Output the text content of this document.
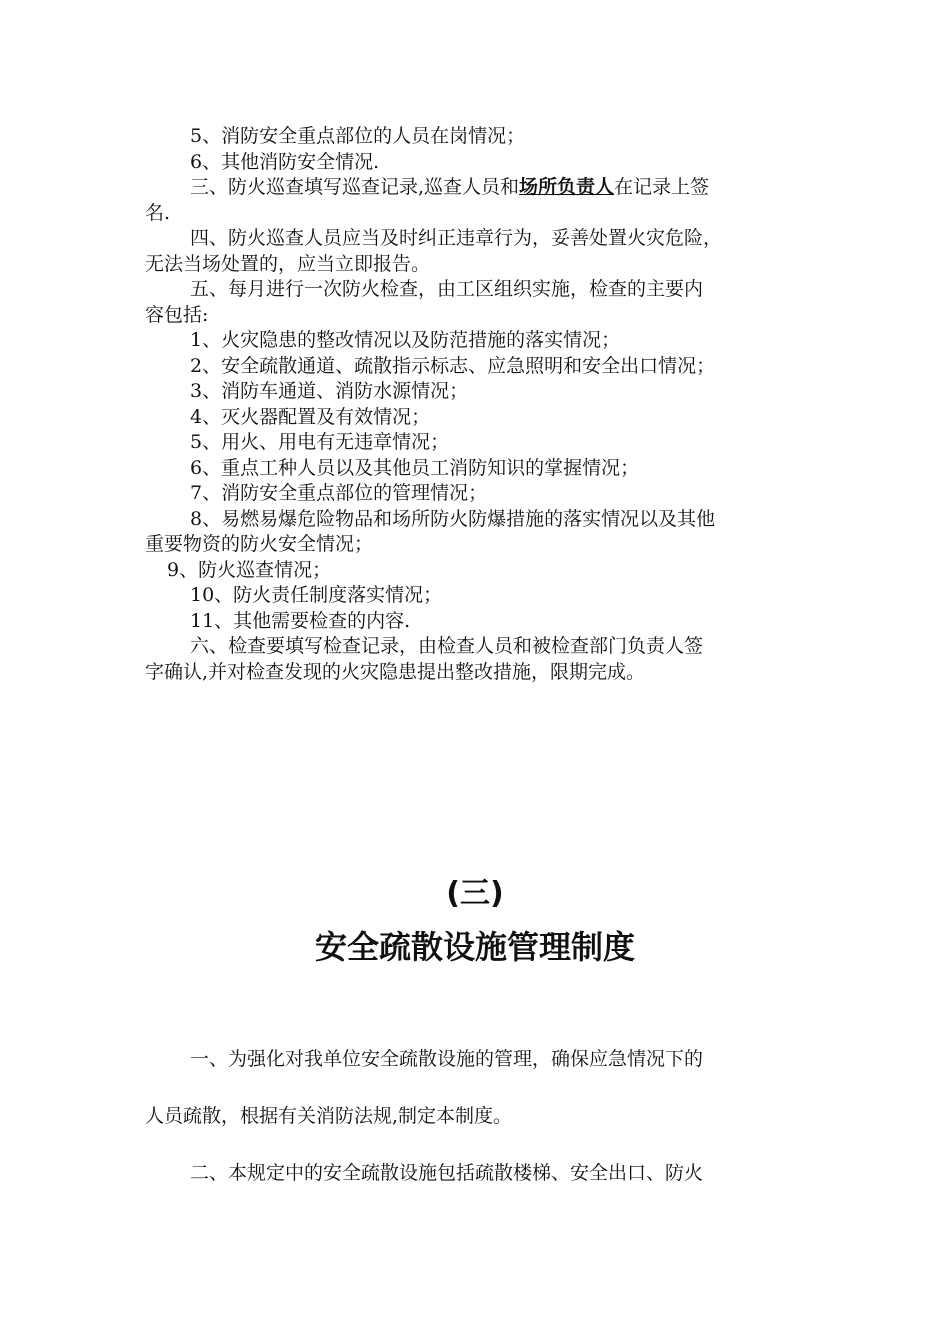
5、消防安全重点部位的人员在岗情况；
6、其他消防安全情况.
三、防火巡查填写巡查记录,巡查人员和场所负责人在记录上签
名.
四、防火巡查人员应当及时纠正违章行为，妥善处置火灾危险，
无法当场处置的，应当立即报告。
五、每月进行一次防火检查，由工区组织实施，检查的主要内
容包括:
1、火灾隐患的整改情况以及防范措施的落实情况；
2、安全疏散通道、疏散指示标志、应急照明和安全出口情况；
3、消防车通道、消防水源情况；
4、灭火器配置及有效情况；
5、用火、用电有无违章情况；
6、重点工种人员以及其他员工消防知识的掌握情况；
7、消防安全重点部位的管理情况；
8、易燃易爆危险物品和场所防火防爆措施的落实情况以及其他
重要物资的防火安全情况；
9、防火巡查情况；
10、防火责任制度落实情况；
11、其他需要检查的内容.
六、检查要填写检查记录，由检查人员和被检查部门负责人签
字确认,并对检查发现的火灾隐患提出整改措施，限期完成。
(三)
安全疏散设施管理制度
一、为强化对我单位安全疏散设施的管理，确保应急情况下的
人员疏散，根据有关消防法规,制定本制度。
二、本规定中的安全疏散设施包括疏散楼梯、安全出口、防火
